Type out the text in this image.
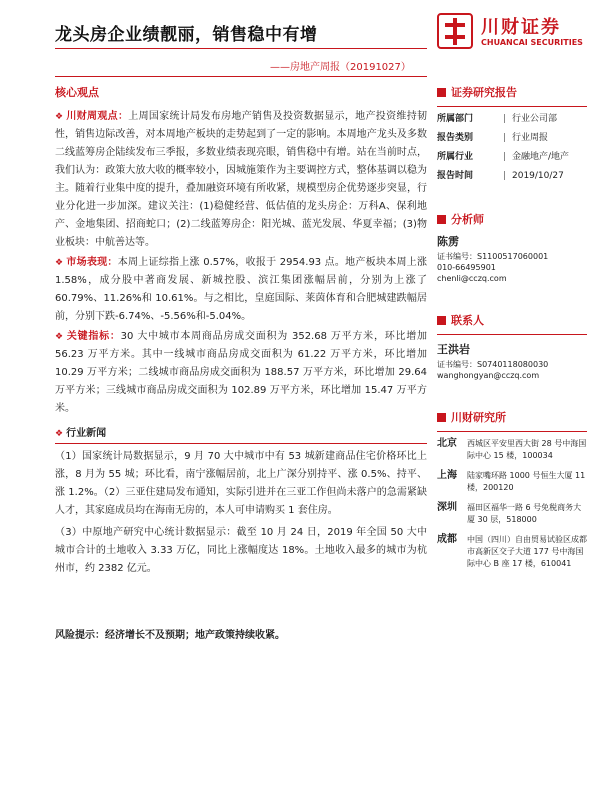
龙头房企业绩靓丽，销售稳中有增	川财证券
CHUANCAI SECURITIES
——房地产周报（20191027）
核心观点

❖ 川财周观点：上周国家统计局发布房地产销售及投资数据显示，地产投资维持韧性，销售边际改善，对本周地产板块的走势起到了一定的影响。本周地产龙头及多数二线蓝筹房企陆续发布三季报，多数业绩表现亮眼，销售稳中有增。站在当前时点，我们认为：政策大放大收的概率较小，因城施策作为主要调控方式，整体基调以稳为主。随着行业集中度的提升，叠加融资环境有所收紧，规模型房企优势逐步突显，行业分化进一步加深。建议关注：(1)稳健经营、低估值的龙头房企：万科A、保利地产、金地集团、招商蛇口；(2)二线蓝筹房企：阳光城、蓝光发展、华夏幸福；(3)物业板块：中航善达等。

❖ 市场表现：本周上证综指上涨 0.57%，收报于 2954.93 点。地产板块本周上涨 1.58%，成分股中著商发展、新城控股、滨江集团涨幅居前，分别为上涨了 60.79%、11.26%和 10.61%。与之相比，皇庭国际、莱茵体育和合肥城建跌幅居前，分别下跌-6.74%、-5.56%和-5.04%。

❖ 关键指标：30 大中城市本周商品房成交面积为 352.68 万平方米，环比增加 56.23 万平方米。其中一线城市商品房成交面积为 61.22 万平方米，环比增加 10.29 万平方米；二线城市商品房成交面积为 188.57 万平方米，环比增加 29.64 万平方米；三线城市商品房成交面积为 102.89 万平方米，环比增加 15.47 万平方米。

❖ 行业新闻

（1）国家统计局数据显示，9 月 70 大中城市中有 53 城新建商品住宅价格环比上涨，8 月为 55 城；环比看，南宁涨幅居前，北上广深分别持平、涨 0.5%、持平、涨 1.2%。（2）三亚住建局发布通知，实际引进并在三亚工作但尚未落户的急需紧缺人才，其家庭成员均在海南无房的，本人可申请购买 1 套住房。

（3）中原地产研究中心统计数据显示：截至 10 月 24 日，2019 年全国 50 大中城市合计的土地收入 3.33 万亿，同比上涨幅度达 18%。土地收入最多的城市为杭州市，约 2382 亿元。

风险提示：经济增长不及预期；地产政策持续收紧。
证券研究报告
所属部门	| 行业公司部
报告类别	| 行业周报
所属行业	| 金融地产/地产
报告时间	| 2019/10/27
分析师
陈雳
证书编号：S1100517060001
010-66495901
chenli@cczq.com
联系人
王洪岩
证书编号：S0740118080030
wanghongyan@cczq.com
川财研究所
北京	西城区平安里西大街 28 号中海国际中心 15 楼，100034
上海	陆家嘴环路 1000 号恒生大厦 11 楼，200120
深圳	福田区福华一路 6 号免税商务大厦 30 层，518000
成都	中国（四川）自由贸易试验区成都市高新区交子大道 177 号中海国际中心 B 座 17 楼，610041
